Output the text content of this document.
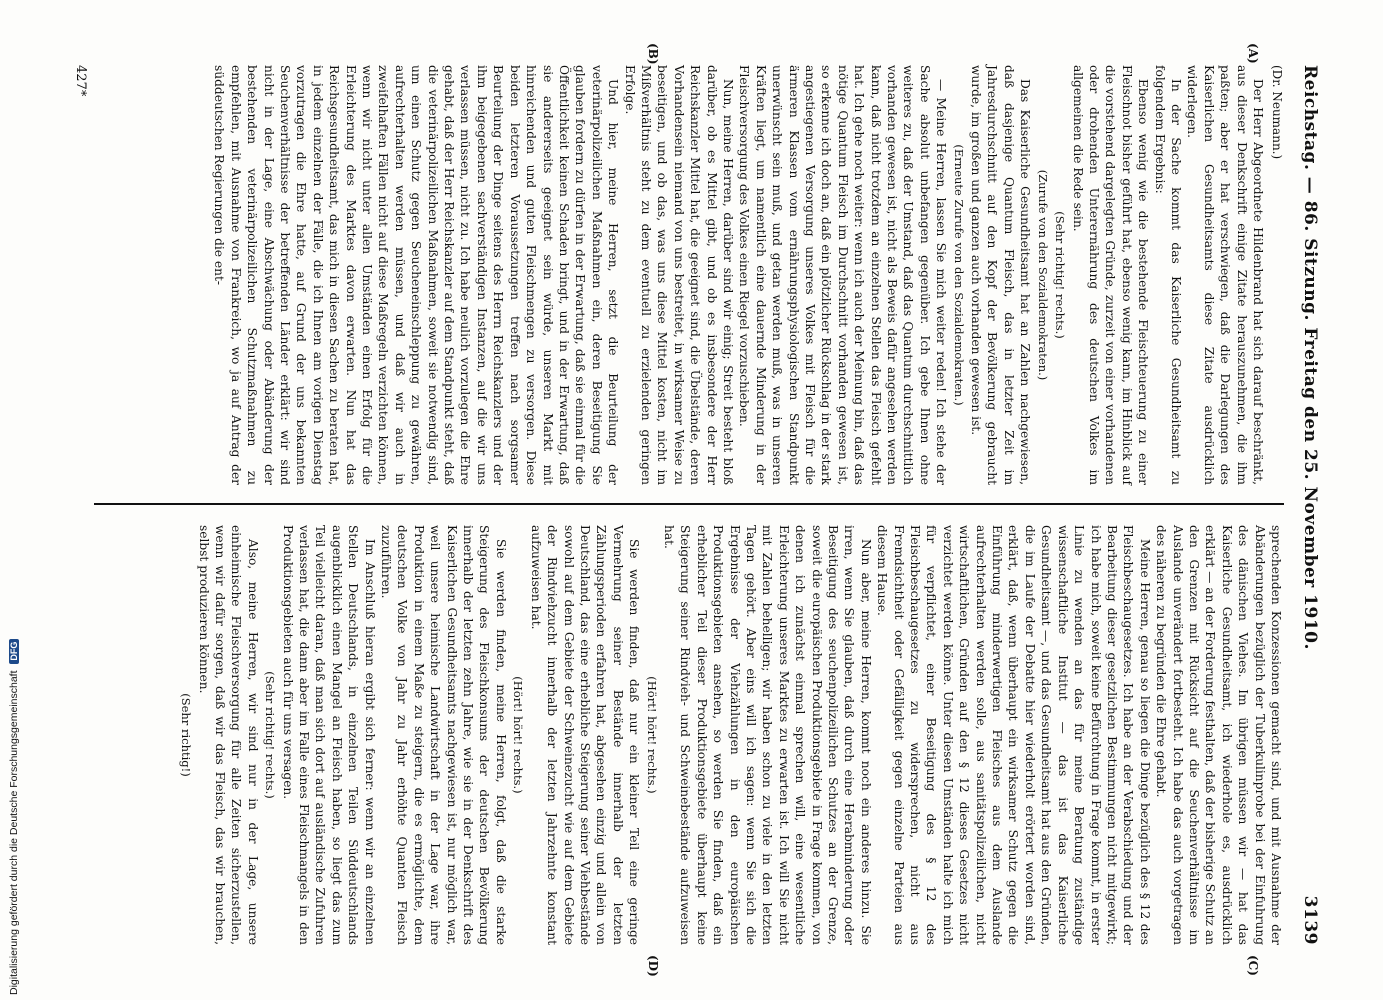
Reichstag. — 86. Sitzung. Freitag den 25. November 1910.
3139
(Dr. Neumann.)
(A)
(B)
(C)
(D)

Der Herr Abgeordnete Hildenbrand hat sich darauf beschränkt, aus dieser Denkschrift einige Zitate herauszunehmen, die ihm paßten; aber er hat verschwiegen, daß die Darlegungen des Kaiserlichen Gesundheitsamts diese Zitate ausdrücklich widerlegen.

In der Sache kommt das Kaiserliche Gesundheitsamt zu folgendem Ergebnis:

Ebenso wenig wie die bestehende Fleischteuerung zu einer Fleischnot bisher geführt hat, ebenso wenig kann, im Hinblick auf die vorstehend dargelegten Gründe, zurzeit von einer vorhandenen oder drohenden Unterernährung des deutschen Volkes im allgemeinen die Rede sein.

(Sehr richtig! rechts.)

(Zurufe von den Sozialdemokraten.)

Das Kaiserliche Gesundheitsamt hat an Zahlen nachgewiesen, daß dasjenige Quantum Fleisch, das in letzter Zeit im Jahresdurchschnitt auf den Kopf der Bevölkerung gebraucht wurde, im großen und ganzen auch vorhanden gewesen ist.

(Erneute Zurufe von den Sozialdemokraten.)

— Meine Herren, lassen Sie mich weiter reden! Ich stehe der Sache absolut unbefangen gegenüber. Ich gebe Ihnen ohne weiteres zu, daß der Umstand, daß das Quantum durchschnittlich vorhanden gewesen ist, nicht als Beweis dafür angesehen werden kann, daß nicht trotzdem an einzelnen Stellen das Fleisch gefehlt hat. Ich gehe noch weiter: wenn ich auch der Meinung bin, daß das nötige Quantum Fleisch im Durchschnitt vorhanden gewesen ist, so erkenne ich doch an, daß ein plötzlicher Rückschlag in der stark angestiegenen Versorgung unseres Volkes mit Fleisch für die ärmeren Klassen vom ernährungsphysiologischen Standpunkt unerwünscht sein muß, und getan werden muß, was in unseren Kräften liegt, um namentlich eine dauernde Minderung in der Fleischversorgung des Volkes einen Riegel vorzuschieben.

Nun, meine Herren, darüber sind wir einig; Streit besteht bloß darüber, ob es Mittel gibt, und ob es insbesondere der Herr Reichskanzler Mittel hat, die geeignet sind, die Übelstände, deren Vorhandensein niemand von uns bestreitet, in wirksamer Weise zu beseitigen, und ob das, was uns diese Mittel kosten, nicht im Mißverhältnis steht zu dem eventuell zu erzielenden geringen Erfolge.

Und hier, meine Herren, setzt die Beurteilung der veterinärpolizeilichen Maßnahmen ein, deren Beseitigung Sie glauben fordern zu dürfen in der Erwartung, daß sie einmal für die Öffentlichkeit keinen Schaden bringt, und in der Erwartung, daß sie andererseits geeignet sein würde, unseren Markt mit hinreichenden und guten Fleischmengen zu versorgen. Diese beiden letzteren Voraussetzungen treffen nach sorgsamer Beurteilung der Dinge seitens des Herrn Reichskanzlers und der ihm beigegebenen sachverständigen Instanzen, auf die wir uns verlassen müssen, nicht zu. Ich habe neulich vorzulegen die Ehre gehabt, daß der Herr Reichskanzler auf dem Standpunkt steht, daß die veterinärpolizeilichen Maßnahmen, soweit sie notwendig sind, um einen Schutz gegen Seucheneinschleppung zu gewähren, aufrechterhalten werden müssen, und daß wir auch in zweifelhaften Fällen nicht auf diese Maßregeln verzichten können, wenn wir nicht unter allen Umständen einen Erfolg für die Erleichterung des Marktes davon erwarten. Nun hat das Reichsgesundheitsamt, das mich in diesen Sachen zu beraten hat, in jedem einzelnen der Fälle, die ich Ihnen am vorigen Dienstag vorzutragen die Ehre hatte, auf Grund der uns bekannten Seuchenverhältnisse der betreffenden Länder erklärt: wir sind nicht in der Lage, eine Abschwächung oder Abänderung der bestehenden veterinärpolizeilichen Schutzmaßnahmen zu empfehlen, mit Ausnahme von Frankreich, wo ja auf Antrag der süddeutschen Regierungen die ent-

sprechenden Konzessionen gemacht sind, und mit Ausnahme der Abänderungen bezüglich der Tuberkulinprobe bei der Einfuhrung des dänischen Viehes. Im übrigen müssen wir — hat das Kaiserliche Gesundheitsamt, ich wiederhole es, ausdrücklich erklärt — an der Forderung festhalten, daß der bisherige Schutz an den Grenzen mit Rücksicht auf die Seuchenverhältnisse im Auslande unverändert fortbesteht. Ich habe das auch vorgetragen des näheren zu begründen die Ehre gehabt.

Meine Herren, genau so liegen die Dinge bezüglich des § 12 des Fleischbeschaugesetzes. Ich habe an der Verabschiedung und der Bearbeitung dieser gesetzlichen Bestimmungen nicht mitgewirkt; ich habe mich, soweit keine Befürchtung in Frage kommt, in erster Linie zu wenden an das für meine Beratung zuständige wissenschaftliche Institut — das ist das Kaiserliche Gesundheitsamt —, und das Gesundheitsamt hat aus den Gründen, die im Laufe der Debatte hier wiederholt erörtert worden sind, erklärt, daß, wenn überhaupt ein wirksamer Schutz gegen die Einführung minderwertigen Fleisches aus dem Auslande aufrechterhalten werden solle, aus sanitätspolizeilichen, nicht wirtschaftlichen, Gründen auf den § 12 dieses Gesetzes nicht verzichtet werden könne. Unter diesen Umständen halte ich mich für verpflichtet, einer Beseitigung des § 12 des Fleischbeschaugesetzes zu widersprechen, nicht aus Fremdsichtheit oder Gefälligkeit gegen einzelne Parteien aus diesem Hause.

Nun aber, meine Herren, kommt noch ein anderes hinzu. Sie irren, wenn Sie glauben, daß durch eine Herabminderung oder Beseitigung des seuchenpolizeilichen Schutzes an der Grenze, soweit die europäischen Produktionsgebiete in Frage kommen, von denen ich zunächst einmal sprechen will, eine wesentliche Erleichterung unseres Marktes zu erwarten ist. Ich will Sie nicht mit Zahlen behelligen; wir haben schon zu viele in den letzten Tagen gehört. Aber eins will ich sagen: wenn Sie sich die Ergebnisse der Viehzählungen in den europäischen Produktionsgebieten ansehen, so werden Sie finden, daß ein erheblicher Teil dieser Produktionsgebiete überhaupt keine Steigerung seiner Rindvieh- und Schweinebestände aufzuweisen hat.

(Hört! hört! rechts.)

Sie werden finden, daß nur ein kleiner Teil eine geringe Vermehrung seiner Bestände innerhalb der letzten Zählungsperioden erfahren hat, abgesehen einzig und allein von Deutschland, das eine erhebliche Steigerung seiner Viehbestände sowohl auf dem Gebiete der Schweinezucht wie auf dem Gebiete der Rindviehzucht innerhalb der letzten Jahrzehnte konstant aufzuweisen hat.

(Hört! hört! rechts.)

Sie werden finden, meine Herren, folgt, daß die starke Steigerung des Fleischkonsums der deutschen Bevölkerung innerhalb der letzten zehn Jahre, wie sie in der Denkschrift des Kaiserlichen Gesundheitsamts nachgewiesen ist, nur möglich war, weil unsere heimische Landwirtschaft in der Lage war, ihre Produktion in einem Maße zu steigern, die es ermöglichte, dem deutschen Volke von Jahr zu Jahr erhöhte Quanten Fleisch zuzuführen.

Im Anschluß hieran ergibt sich ferner: wenn wir an einzelnen Stellen Deutschlands, in einzelnen Teilen Süddeutschlands augenblicklich einen Mangel an Fleisch haben, so liegt das zum Teil vielleicht daran, daß man sich dort auf ausländische Zufuhren verlassen hat, die dann aber im Falle eines Fleischmangels in den Produktionsgebieten auch für uns versagen.

(Sehr richtig! rechts.)

Also, meine Herren, wir sind nur in der Lage, unsere einheimische Fleischversorgung für alle Zeiten sicherzustellen, wenn wir dafür sorgen, daß wir das Fleisch, das wir brauchen, selbst produzieren können.

(Sehr richtig!)

427*
Digitalisierung gefördert durch die Deutsche Forschungsgemeinschaft DFG
